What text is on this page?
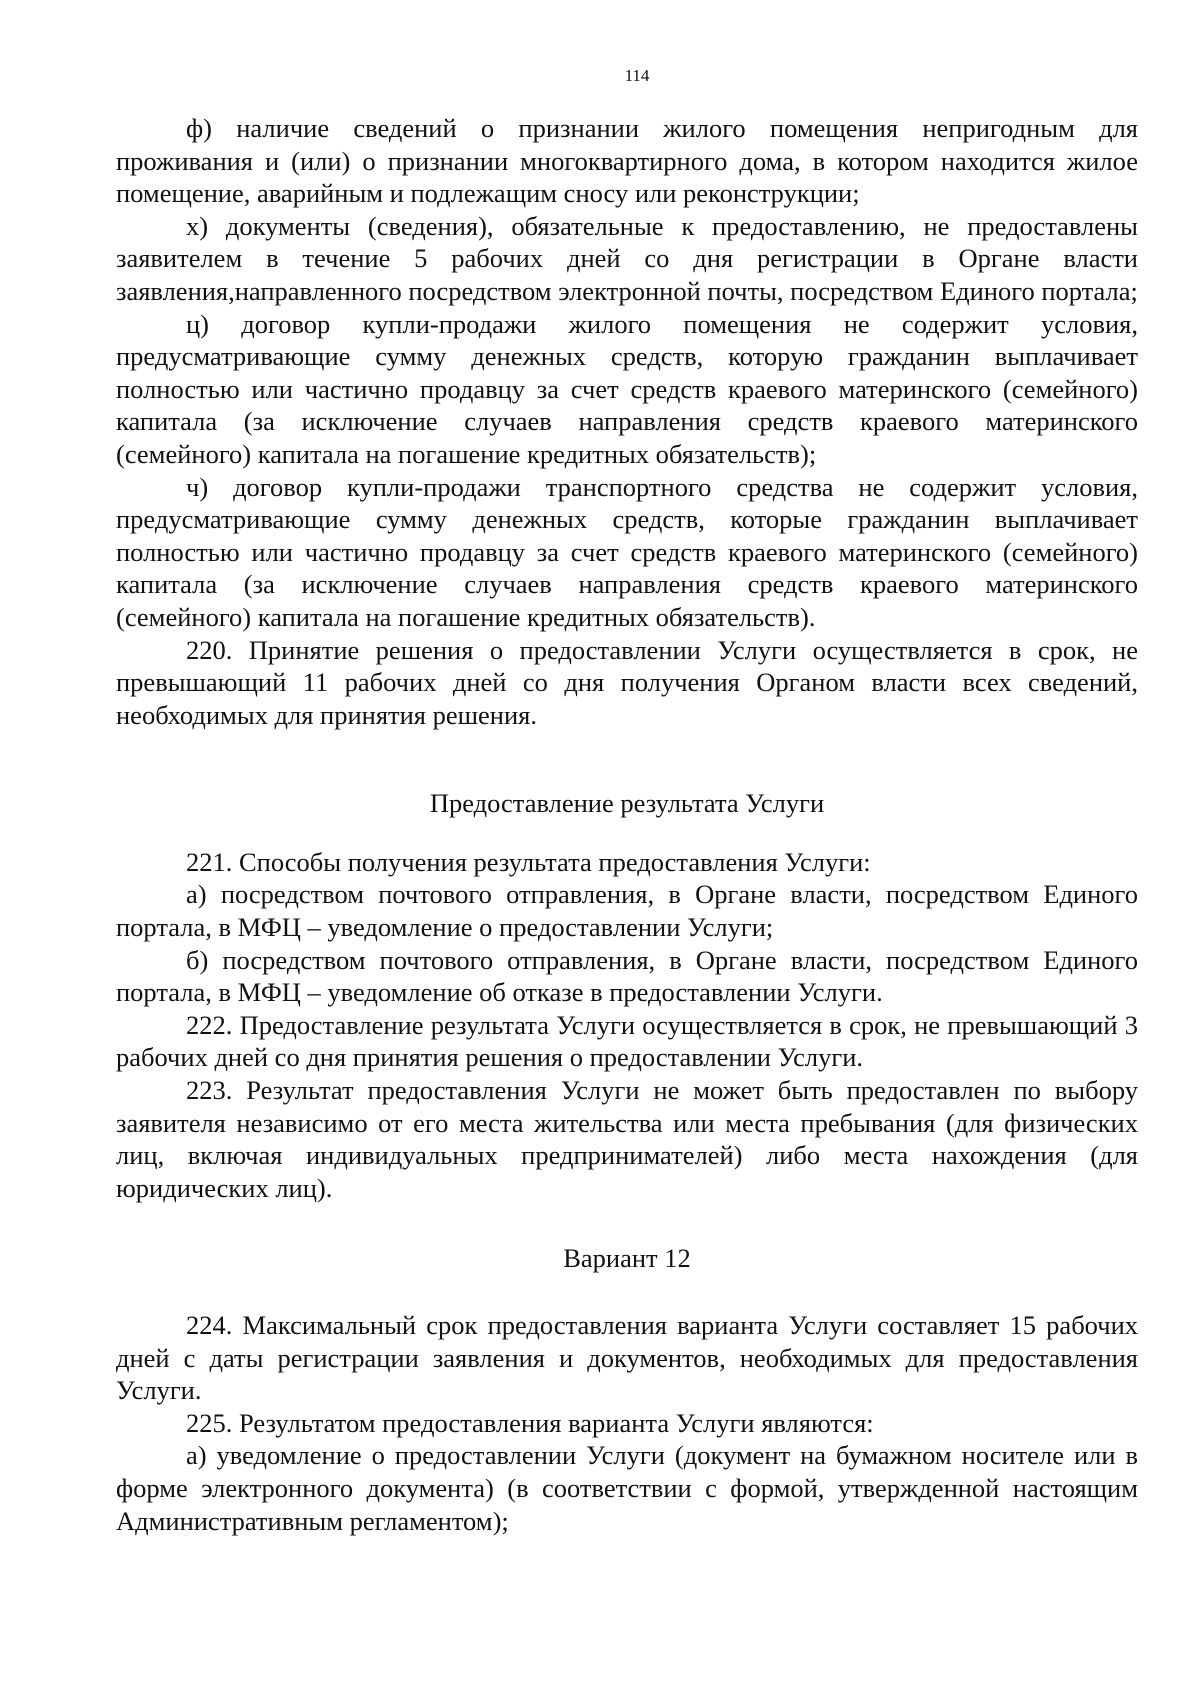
114

ф) наличие сведений о признании жилого помещения непригодным для проживания и (или) о признании многоквартирного дома, в котором находится жилое помещение, аварийным и подлежащим сносу или реконструкции;

х) документы (сведения), обязательные к предоставлению, не предоставлены заявителем в течение 5 рабочих дней со дня регистрации в Органе власти заявления,направленного посредством электронной почты, посредством Единого портала;

ц) договор купли-продажи жилого помещения не содержит условия, предусматривающие сумму денежных средств, которую гражданин выплачивает полностью или частично продавцу за счет средств краевого материнского (семейного) капитала (за исключение случаев направления средств краевого материнского (семейного) капитала на погашение кредитных обязательств);

ч) договор купли-продажи транспортного средства не содержит условия, предусматривающие сумму денежных средств, которые гражданин выплачивает полностью или частично продавцу за счет средств краевого материнского (семейного) капитала (за исключение случаев направления средств краевого материнского (семейного) капитала на погашение кредитных обязательств).

220. Принятие решения о предоставлении Услуги осуществляется в срок, не превышающий 11 рабочих дней со дня получения Органом власти всех сведений, необходимых для принятия решения.

Предоставление результата Услуги

221. Способы получения результата предоставления Услуги:

а) посредством почтового отправления, в Органе власти, посредством Единого портала, в МФЦ – уведомление о предоставлении Услуги;

б) посредством почтового отправления, в Органе власти, посредством Единого портала, в МФЦ – уведомление об отказе в предоставлении Услуги.

222. Предоставление результата Услуги осуществляется в срок, не превышающий 3 рабочих дней со дня принятия решения о предоставлении Услуги.

223. Результат предоставления Услуги не может быть предоставлен по выбору заявителя независимо от его места жительства или места пребывания (для физических лиц, включая индивидуальных предпринимателей) либо места нахождения (для юридических лиц).

Вариант 12

224. Максимальный срок предоставления варианта Услуги составляет 15 рабочих дней с даты регистрации заявления и документов, необходимых для предоставления Услуги.

225. Результатом предоставления варианта Услуги являются:

а) уведомление о предоставлении Услуги (документ на бумажном носителе или в форме электронного документа) (в соответствии с формой, утвержденной настоящим Административным регламентом);
